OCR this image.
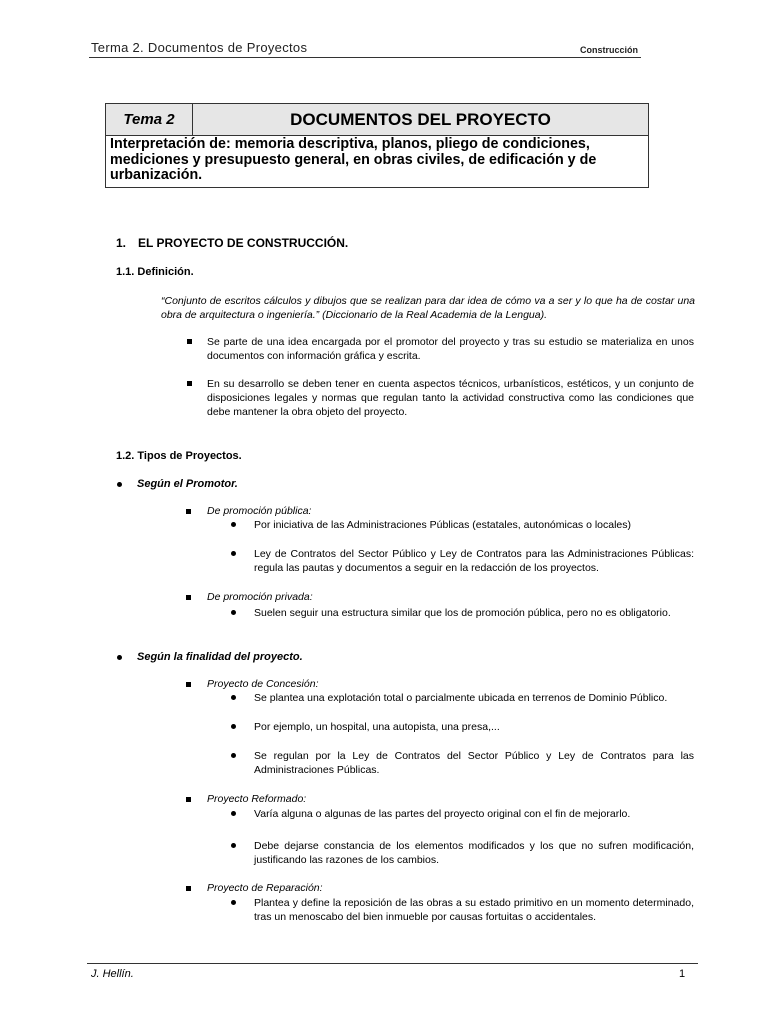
Terma 2. Documentos de Proyectos	Construcción
Tema 2	DOCUMENTOS DEL PROYECTO
Interpretación de: memoria descriptiva, planos, pliego de condiciones, mediciones y presupuesto general, en obras civiles, de edificación y de urbanización.
1. EL PROYECTO DE CONSTRUCCIÓN.
1.1. Definición.
“Conjunto de escritos cálculos y dibujos que se realizan para dar idea de cómo va a ser y lo que ha de costar una obra de arquitectura o ingeniería.” (Diccionario de la Real Academia de la Lengua).
Se parte de una idea encargada por el promotor del proyecto y tras su estudio se materializa en unos documentos con información gráfica y escrita.
En su desarrollo se deben tener en cuenta aspectos técnicos, urbanísticos, estéticos, y un conjunto de disposiciones legales y normas que regulan tanto la actividad constructiva como las condiciones que debe mantener la obra objeto del proyecto.
1.2. Tipos de Proyectos.
Según el Promotor.
De promoción pública:
Por iniciativa de las Administraciones Públicas (estatales, autonómicas o locales)
Ley de Contratos del Sector Público y Ley de Contratos para las Administraciones Públicas: regula las pautas y documentos a seguir en la redacción de los proyectos.
De promoción privada:
Suelen seguir una estructura similar que los de promoción pública, pero no es obligatorio.
Según la finalidad del proyecto.
Proyecto de Concesión:
Se plantea una explotación total o parcialmente ubicada en terrenos de Dominio Público.
Por ejemplo, un hospital, una autopista, una presa,...
Se regulan por la Ley de Contratos del Sector Público y Ley de Contratos para las Administraciones Públicas.
Proyecto Reformado:
Varía alguna o algunas de las partes del proyecto original con el fin de mejorarlo.
Debe dejarse constancia de los elementos modificados y los que no sufren modificación, justificando las razones de los cambios.
Proyecto de Reparación:
Plantea y define la reposición de las obras a su estado primitivo en un momento determinado, tras un menoscabo del bien inmueble por causas fortuitas o accidentales.
J. Hellín.	1
